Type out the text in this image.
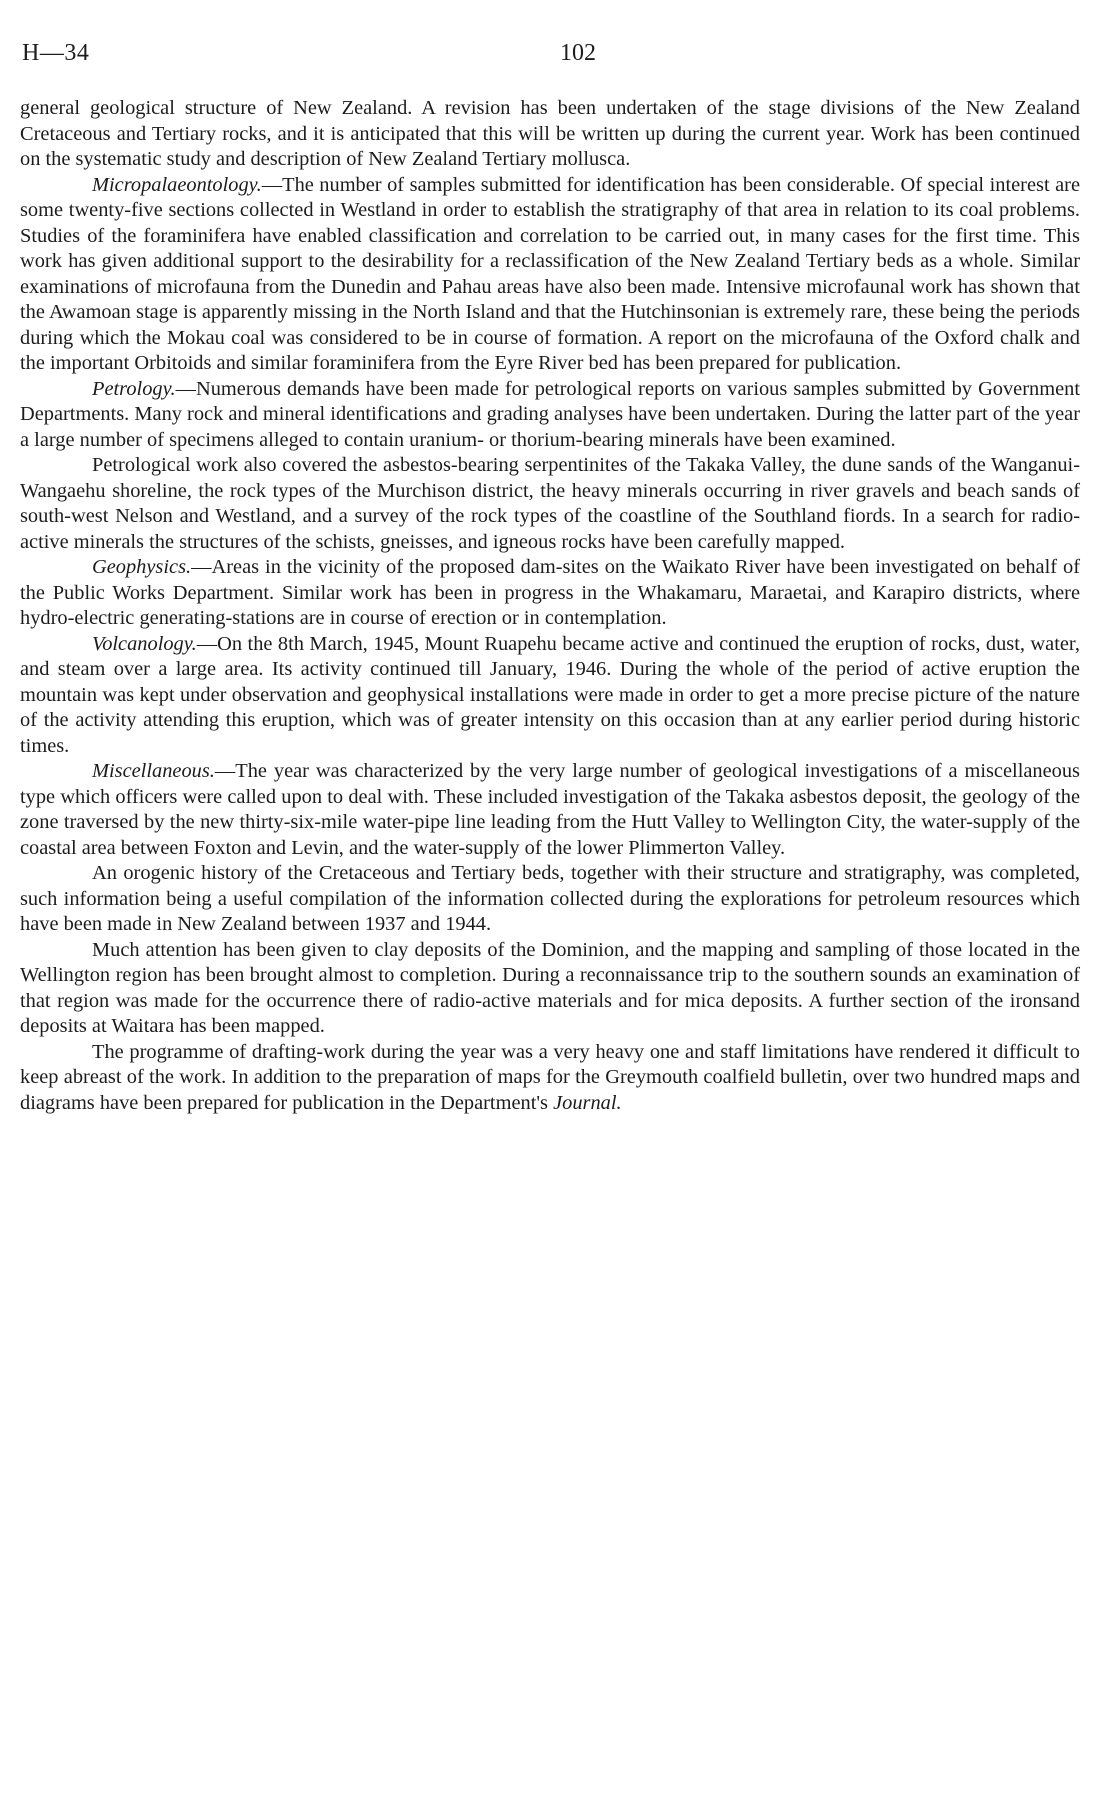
H—34	102

general geological structure of New Zealand. A revision has been undertaken of the stage divisions of the New Zealand Cretaceous and Tertiary rocks, and it is anticipated that this will be written up during the current year. Work has been continued on the systematic study and description of New Zealand Tertiary mollusca.

Micropalaeontology.—The number of samples submitted for identification has been considerable. Of special interest are some twenty-five sections collected in Westland in order to establish the stratigraphy of that area in relation to its coal problems. Studies of the foraminifera have enabled classification and correlation to be carried out, in many cases for the first time. This work has given additional support to the desirability for a reclassification of the New Zealand Tertiary beds as a whole. Similar examinations of microfauna from the Dunedin and Pahau areas have also been made. Intensive microfaunal work has shown that the Awamoan stage is apparently missing in the North Island and that the Hutchinsonian is extremely rare, these being the periods during which the Mokau coal was considered to be in course of formation. A report on the microfauna of the Oxford chalk and the important Orbitoids and similar foraminifera from the Eyre River bed has been prepared for publication.

Petrology.—Numerous demands have been made for petrological reports on various samples submitted by Government Departments. Many rock and mineral identifications and grading analyses have been undertaken. During the latter part of the year a large number of specimens alleged to contain uranium- or thorium-bearing minerals have been examined.

Petrological work also covered the asbestos-bearing serpentinites of the Takaka Valley, the dune sands of the Wanganui-Wangaehu shoreline, the rock types of the Murchison district, the heavy minerals occurring in river gravels and beach sands of south-west Nelson and Westland, and a survey of the rock types of the coastline of the Southland fiords. In a search for radio-active minerals the structures of the schists, gneisses, and igneous rocks have been carefully mapped.

Geophysics.—Areas in the vicinity of the proposed dam-sites on the Waikato River have been investigated on behalf of the Public Works Department. Similar work has been in progress in the Whakamaru, Maraetai, and Karapiro districts, where hydro-electric generating-stations are in course of erection or in contemplation.

Volcanology.—On the 8th March, 1945, Mount Ruapehu became active and continued the eruption of rocks, dust, water, and steam over a large area. Its activity continued till January, 1946. During the whole of the period of active eruption the mountain was kept under observation and geophysical installations were made in order to get a more precise picture of the nature of the activity attending this eruption, which was of greater intensity on this occasion than at any earlier period during historic times.

Miscellaneous.—The year was characterized by the very large number of geological investigations of a miscellaneous type which officers were called upon to deal with. These included investigation of the Takaka asbestos deposit, the geology of the zone traversed by the new thirty-six-mile water-pipe line leading from the Hutt Valley to Wellington City, the water-supply of the coastal area between Foxton and Levin, and the water-supply of the lower Plimmerton Valley.

An orogenic history of the Cretaceous and Tertiary beds, together with their structure and stratigraphy, was completed, such information being a useful compilation of the information collected during the explorations for petroleum resources which have been made in New Zealand between 1937 and 1944.

Much attention has been given to clay deposits of the Dominion, and the mapping and sampling of those located in the Wellington region has been brought almost to completion. During a reconnaissance trip to the southern sounds an examination of that region was made for the occurrence there of radio-active materials and for mica deposits. A further section of the ironsand deposits at Waitara has been mapped.

The programme of drafting-work during the year was a very heavy one and staff limitations have rendered it difficult to keep abreast of the work. In addition to the preparation of maps for the Greymouth coalfield bulletin, over two hundred maps and diagrams have been prepared for publication in the Department's Journal.
